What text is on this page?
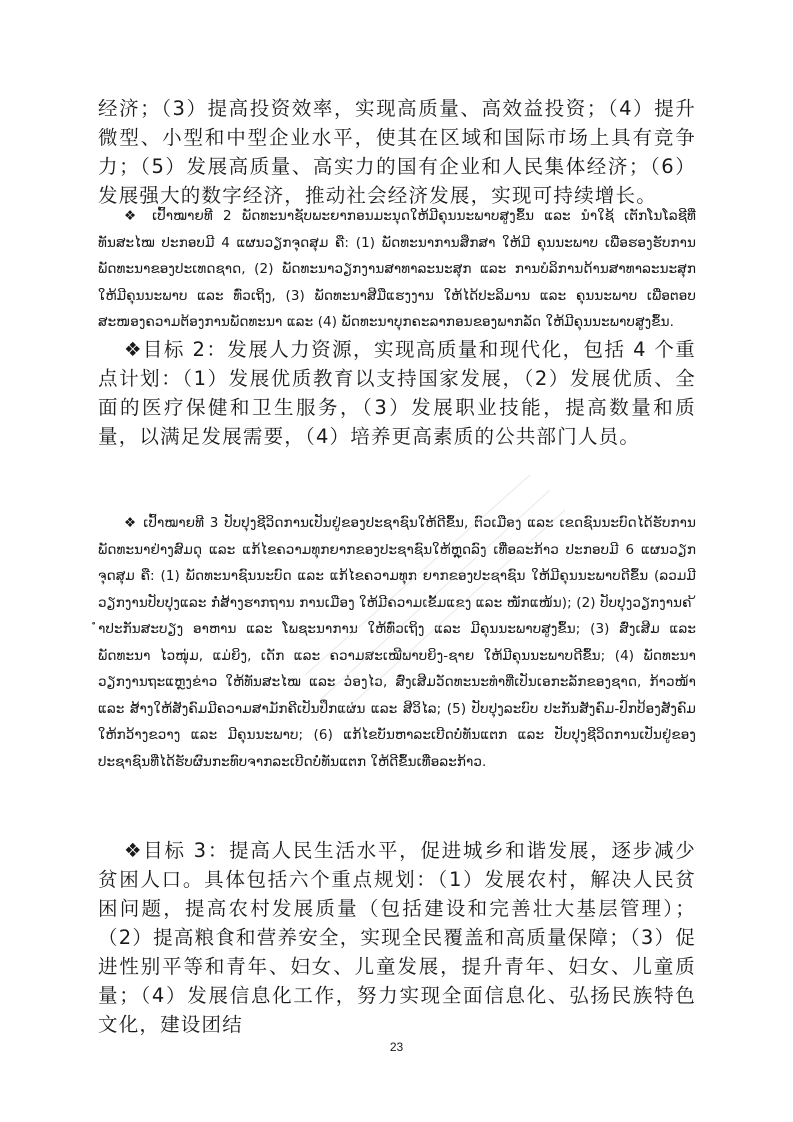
经济；（3）提高投资效率，实现高质量、高效益投资；（4）提升微型、小型和中型企业水平，使其在区域和国际市场上具有竞争力；（5）发展高质量、高实力的国有企业和人民集体经济；（6）发展强大的数字经济，推动社会经济发展，实现可持续增长。

❖ ເປົ້າໝາຍທີ 2 ພັດທະນາຊັບພະຍາກອນມະນຸດໃຫ້ມີຄຸນນະພາບສູງຂຶ້ນ ແລະ ນໍາໃຊ້ ເຕັກໂນໂລຊີທີ່ທັນສະໄໝ ປະກອບມີ 4 ແຜນວຽກຈຸດສຸມ ຄື: (1) ພັດທະນາການສຶກສາ ໃຫ້ມີ ຄຸນນະພາບ ເພື່ອຮອງຮັບການພັດທະນາຂອງປະເທດຊາດ, (2) ພັດທະນາວຽກງານສາທາລະນະສຸກ ແລະ ການບໍລິການດ້ານສາທາລະນະສຸກ ໃຫ້ມີຄຸນນະພາບ ແລະ ທົ່ວເຖິງ, (3) ພັດທະນາສີມືແຮງງານ ໃຫ້ໄດ້ປະລິມານ ແລະ ຄຸນນະພາບ ເພື່ອຕອບສະໜອງຄວາມຕ້ອງການພັດທະນາ ແລະ (4) ພັດທະນາບຸກຄະລາກອນຂອງພາກລັດ ໃຫ້ມີຄຸນນະພາບສູງຂຶ້ນ.

❖目标 2：发展人力资源，实现高质量和现代化，包括 4 个重点计划：（1）发展优质教育以支持国家发展，（2）发展优质、全面的医疗保健和卫生服务，（3）发展职业技能，提高数量和质量，以满足发展需要，（4）培养更高素质的公共部门人员。

❖ ເປົ້າໝາຍທີ 3 ປັບປຸງຊີວິດການເປັນຢູ່ຂອງປະຊາຊົນໃຫ້ດີຂຶ້ນ, ຕົວເມືອງ ແລະ ເຂດຊົນນະບົດໄດ້ຮັບການພັດທະນາຢ່າງສົມດຸ ແລະ ແກ້ໄຂຄວາມທຸກຍາກຂອງປະຊາຊົນໃຫ້ຫຼຸດລົງ ເທື່ອລະກ້າວ ປະກອບມີ 6 ແຜນວຽກຈຸດສຸມ ຄື: (1) ພັດທະນາຊົນນະບົດ ແລະ ແກ້ໄຂຄວາມທຸກ ຍາກຂອງປະຊາຊົນ ໃຫ້ມີຄຸນນະພາບດີຂຶ້ນ (ລວມມີວຽກງານປັບປຸງແລະ ກໍ່ສ້າງຮາກຖານ ການເມືອງ ໃຫ້ມີຄວາມເຂັ້ມແຂງ ແລະ ໜັກແໜ້ນ); (2) ປັບປຸງວຽກງານຄ ້ ໍາປະກັນສະບຽງ ອາຫານ ແລະ ໂພຊະນາການ ໃຫ້ທົ່ວເຖິງ ແລະ ມີຄຸນນະພາບສູງຂຶ້ນ; (3) ສົ່ງເສີມ ແລະ ພັດທະນາ ໄວໜຸ່ມ, ແມ່ຍິງ, ເດັກ ແລະ ຄວາມສະເໝີພາບຍິງ-ຊາຍ ໃຫ້ມີຄຸນນະພາບດີຂຶ້ນ; (4) ພັດທະນາ ວຽກງານຖະແຫຼງຂ່າວ ໃຫ້ທັນສະໄໝ ແລະ ວ່ອງໄວ, ສົ່ງເສີມວັດທະນະທໍາທີ່ເປັນເອກະລັກຂອງຊາດ, ກ້າວໜ້າ ແລະ ສ້າງໃຫ້ສັງຄົມມີຄວາມສາມັກຄີເປັນປຶກແຜ່ນ ແລະ ສີວິໄລ; (5) ປັບປຸງລະບົບ ປະກັນສັງຄົມ-ປົກປ້ອງສັງຄົມໃຫ້ກວ້າງຂວາງ ແລະ ມີຄຸນນະພາບ; (6) ແກ້ໄຂບັນຫາລະເບີດບໍ່ທັນແຕກ ແລະ ປັບປຸງຊີວິດການເປັນຢູ່ຂອງປະຊາຊົນທີ່ໄດ້ຮັບຜົນກະທົບຈາກລະເບີດບໍ່ທັນແຕກ ໃຫ້ດີຂຶ້ນເທື່ອລະກ້າວ.

❖目标 3：提高人民生活水平，促进城乡和谐发展，逐步减少贫困人口。具体包括六个重点规划：（1）发展农村，解决人民贫困问题，提高农村发展质量（包括建设和完善壮大基层管理）；（2）提高粮食和营养安全，实现全民覆盖和高质量保障；（3）促进性别平等和青年、妇女、儿童发展，提升青年、妇女、儿童质量；（4）发展信息化工作，努力实现全面信息化、弘扬民族特色文化，建设团结

23
